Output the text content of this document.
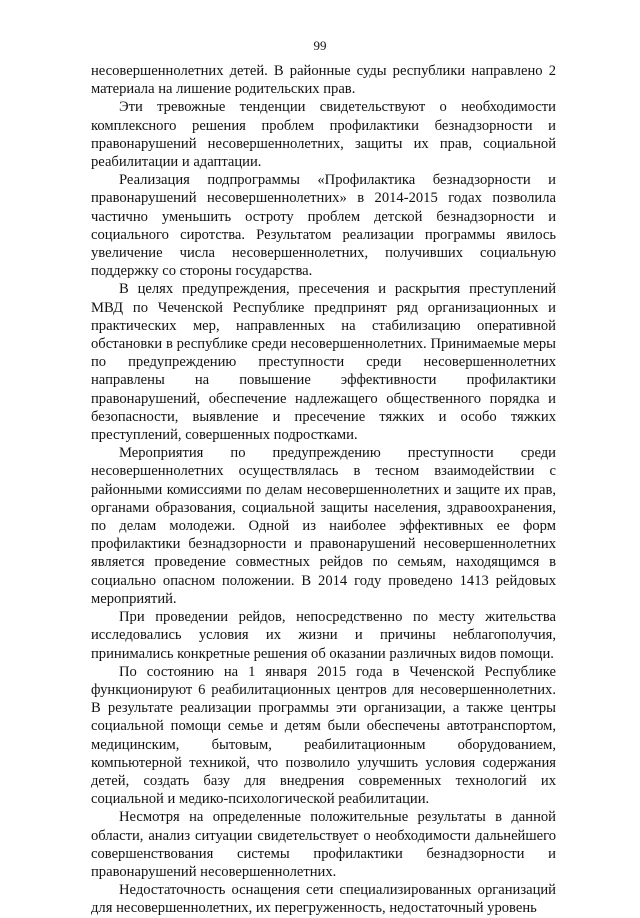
99

несовершеннолетних детей. В районные суды республики направлено 2 материала на лишение родительских прав.

Эти тревожные тенденции свидетельствуют о необходимости комплексного решения проблем профилактики безнадзорности и правонарушений несовершеннолетних, защиты их прав, социальной реабилитации и адаптации.

Реализация подпрограммы «Профилактика безнадзорности и правонарушений несовершеннолетних» в 2014-2015 годах позволила частично уменьшить остроту проблем детской безнадзорности и социального сиротства. Результатом реализации программы явилось увеличение числа несовершеннолетних, получивших социальную поддержку со стороны государства.

В целях предупреждения, пресечения и раскрытия преступлений МВД по Чеченской Республике предпринят ряд организационных и практических мер, направленных на стабилизацию оперативной обстановки в республике среди несовершеннолетних. Принимаемые меры по предупреждению преступности среди несовершеннолетних направлены на повышение эффективности профилактики правонарушений, обеспечение надлежащего общественного порядка и безопасности, выявление и пресечение тяжких и особо тяжких преступлений, совершенных подростками.

Мероприятия по предупреждению преступности среди несовершеннолетних осуществлялась в тесном взаимодействии с районными комиссиями по делам несовершеннолетних и защите их прав, органами образования, социальной защиты населения, здравоохранения, по делам молодежи. Одной из наиболее эффективных ее форм профилактики безнадзорности и правонарушений несовершеннолетних является проведение совместных рейдов по семьям, находящимся в социально опасном положении. В 2014 году проведено 1413 рейдовых мероприятий.

При проведении рейдов, непосредственно по месту жительства исследовались условия их жизни и причины неблагополучия, принимались конкретные решения об оказании различных видов помощи.

По состоянию на 1 января 2015 года в Чеченской Республике функционируют 6 реабилитационных центров для несовершеннолетних. В результате реализации программы эти организации, а также центры социальной помощи семье и детям были обеспечены автотранспортом, медицинским, бытовым, реабилитационным оборудованием, компьютерной техникой, что позволило улучшить условия содержания детей, создать базу для внедрения современных технологий их социальной и медико-психологической реабилитации.

Несмотря на определенные положительные результаты в данной области, анализ ситуации свидетельствует о необходимости дальнейшего совершенствования системы профилактики безнадзорности и правонарушений несовершеннолетних.

Недостаточность оснащения сети специализированных организаций для несовершеннолетних, их перегруженность, недостаточный уровень
